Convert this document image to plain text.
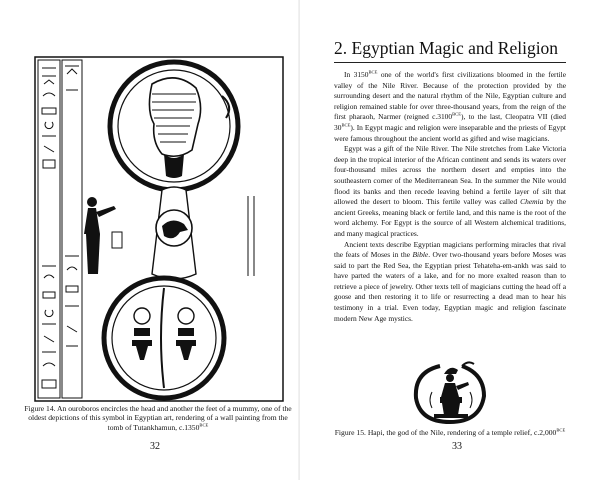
Figure 14. An ouroboros encircles the head and another the feet of a mummy, one of the oldest depictions of this symbol in Egyptian art, rendering of a wall painting from the tomb of Tutankhamun, $c.1350^{BCE}$

32
2. Egyptian Magic and Religion

In $3150^{BCE}$ one of the world's first civilizations bloomed in the fertile valley of the Nile River. Because of the protection provided by the surrounding desert and the natural rhythm of the Nile, Egyptian culture and religion remained stable for over three-thousand years, from the reign of the first pharaoh, Narmer (reigned $c.3100^{BCE}$), to the last, Cleopatra VII (died $30^{BCE}$). In Egypt magic and religion were inseparable and the priests of Egypt were famous throughout the ancient world as gifted and wise magicians.

Egypt was a gift of the Nile River. The Nile stretches from Lake Victoria deep in the tropical interior of the African continent and sends its waters over four-thousand miles across the northern desert and empties into the southeastern corner of the Mediterranean Sea. In the summer the Nile would flood its banks and then recede leaving behind a fertile layer of silt that allowed the desert to bloom. This fertile valley was called Chemia by the ancient Greeks, meaning black or fertile land, and this name is the root of the word alchemy. For Egypt is the source of all Western alchemical traditions, and many magical practices.

Ancient texts describe Egyptian magicians performing miracles that rival the feats of Moses in the Bible. Over two-thousand years before Moses was said to part the Red Sea, the Egyptian priest Tehateha-em-ankh was said to have parted the waters of a lake, and for no more exalted reason than to retrieve a piece of jewelry. Other texts tell of magicians cutting the head off a goose and then restoring it to life or resurrecting a dead man to hear his testimony in a trial. Even today, Egyptian magic and religion fascinate modern New Age mystics.

Figure 15. Hapi, the god of the Nile, rendering of a temple relief, $c.2,000^{BCE}$

33
